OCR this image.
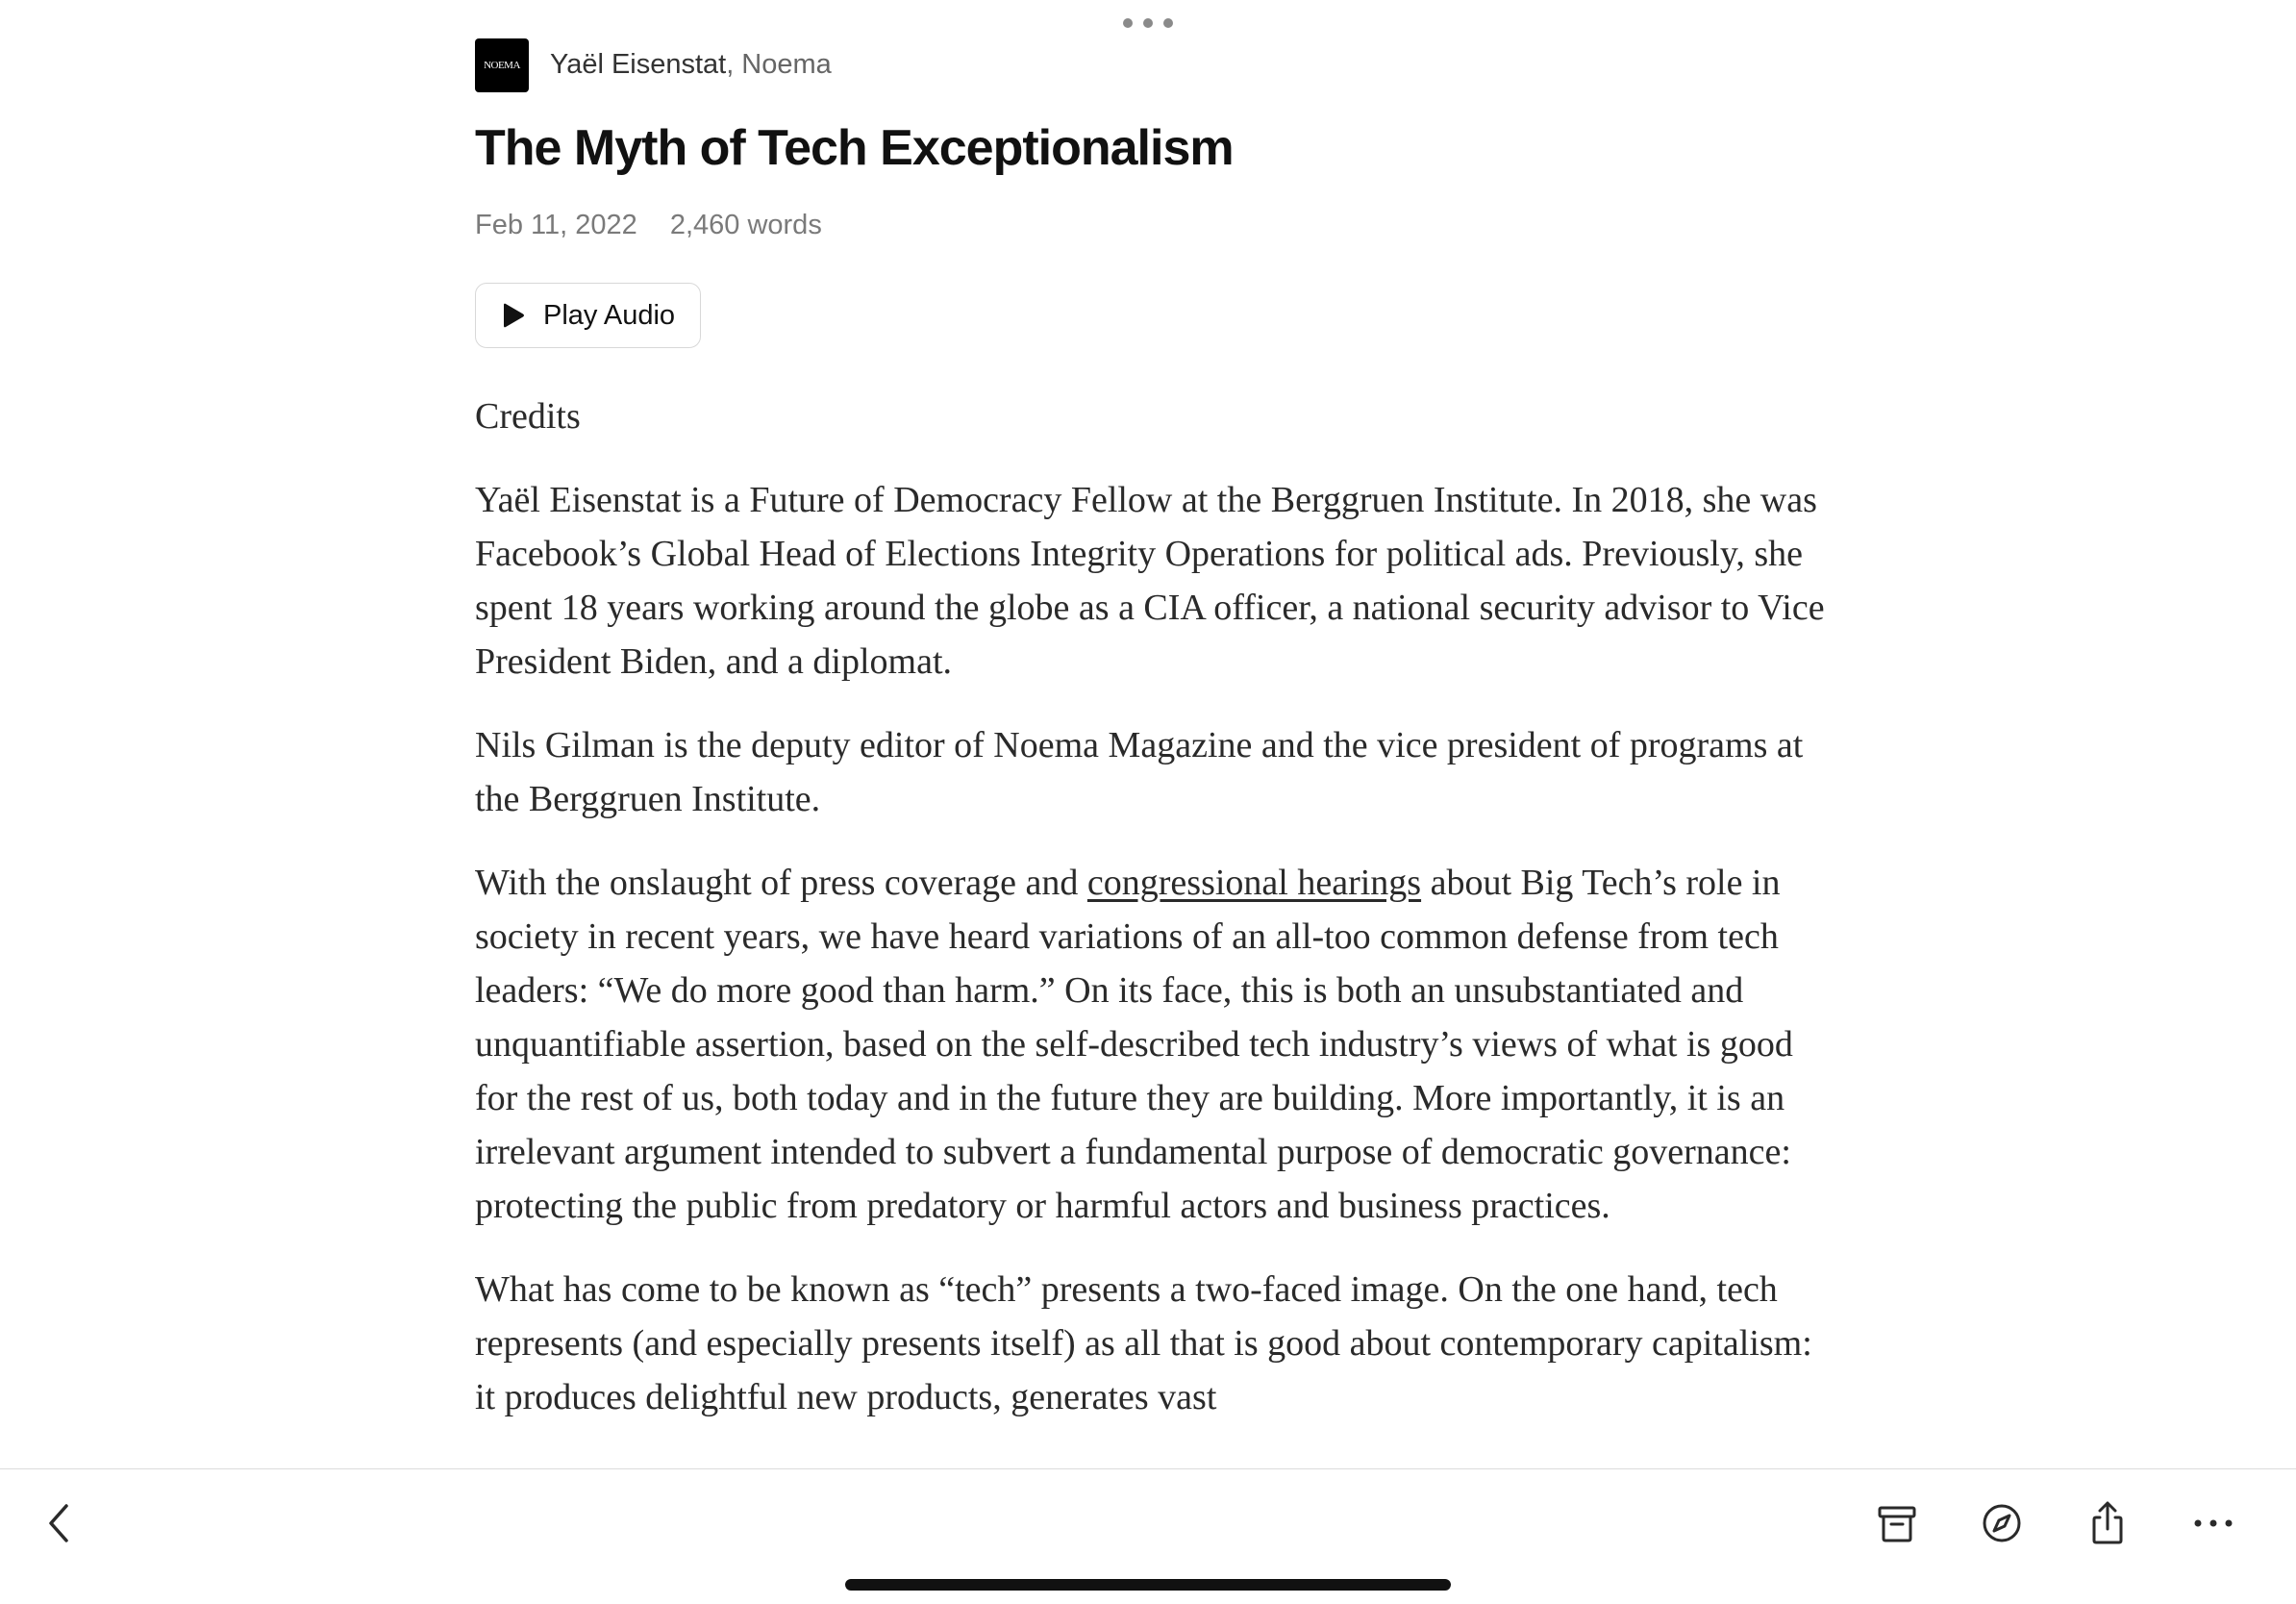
NOEMA	Yaël Eisenstat , Noema
The Myth of Tech Exceptionalism
Feb 11, 2022 2,460 words
Play Audio

Credits

Yaël Eisenstat is a Future of Democracy Fellow at the Berggruen Institute. In 2018, she was Facebook’s Global Head of Elections Integrity Operations for political ads. Previously, she spent 18 years working around the globe as a CIA officer, a national security advisor to Vice President Biden, and a diplomat.

Nils Gilman is the deputy editor of Noema Magazine and the vice president of programs at the Berggruen Institute.

With the onslaught of press coverage and congressional hearings about Big Tech’s role in society in recent years, we have heard variations of an all-too common defense from tech leaders: “We do more good than harm.” On its face, this is both an unsubstantiated and unquantifiable assertion, based on the self-described tech industry’s views of what is good for the rest of us, both today and in the future they are building. More importantly, it is an irrelevant argument intended to subvert a fundamental purpose of democratic governance: protecting the public from predatory or harmful actors and business practices.

What has come to be known as “tech” presents a two-faced image. On the one hand, tech represents (and especially presents itself) as all that is good about contemporary capitalism: it produces delightful new products, generates vast
